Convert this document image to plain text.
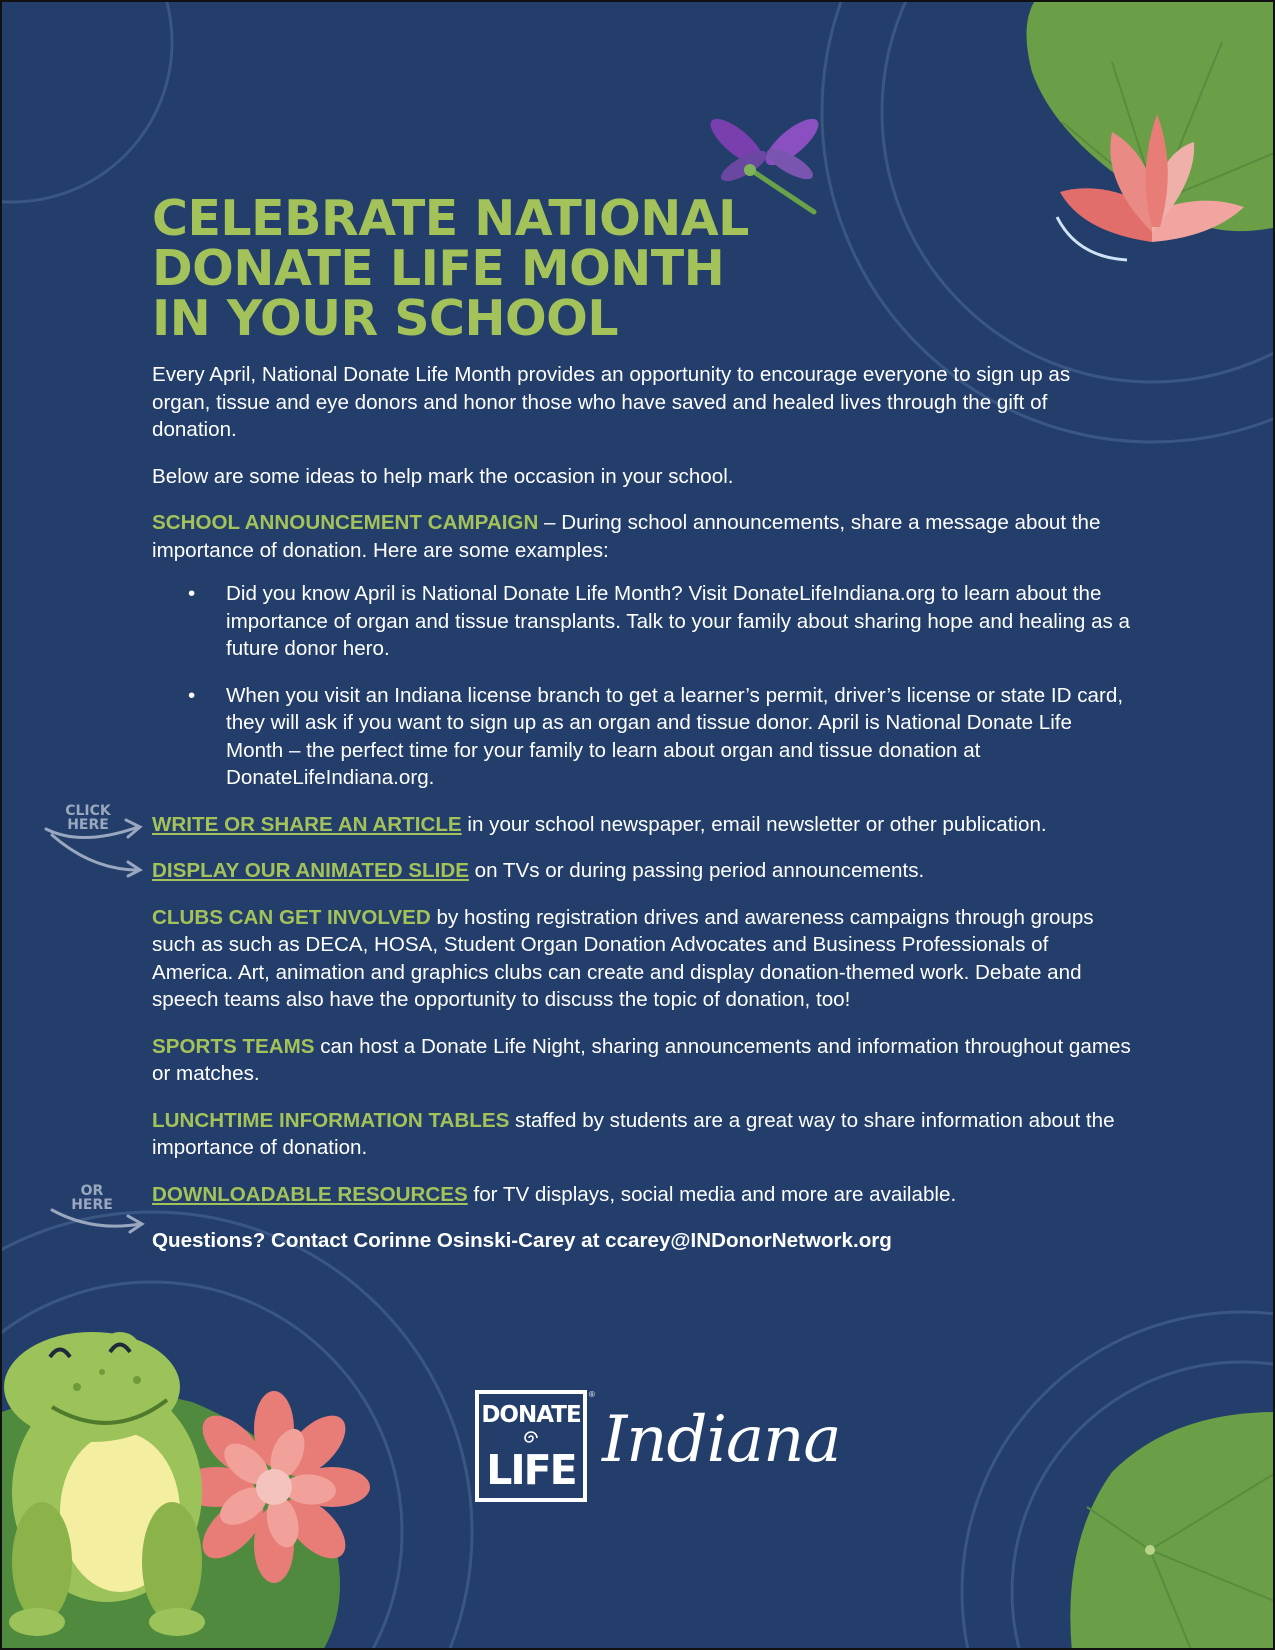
CELEBRATE NATIONAL
DONATE LIFE MONTH
IN YOUR SCHOOL
CLICK
HERE
OR
HERE

Every April, National Donate Life Month provides an opportunity to encourage everyone to sign up as organ, tissue and eye donors and honor those who have saved and healed lives through the gift of donation.

Below are some ideas to help mark the occasion in your school.

SCHOOL ANNOUNCEMENT CAMPAIGN – During school announcements, share a message about the importance of donation. Here are some examples:

• Did you know April is National Donate Life Month? Visit DonateLifeIndiana.org to learn about the importance of organ and tissue transplants. Talk to your family about sharing hope and healing as a future donor hero.
• When you visit an Indiana license branch to get a learner’s permit, driver’s license or state ID card, they will ask if you want to sign up as an organ and tissue donor. April is National Donate Life Month – the perfect time for your family to learn about organ and tissue donation at DonateLifeIndiana.org.

WRITE OR SHARE AN ARTICLE in your school newspaper, email newsletter or other publication.

DISPLAY OUR ANIMATED SLIDE on TVs or during passing period announcements.

CLUBS CAN GET INVOLVED by hosting registration drives and awareness campaigns through groups such as such as DECA, HOSA, Student Organ Donation Advocates and Business Professionals of America. Art, animation and graphics clubs can create and display donation-themed work. Debate and speech teams also have the opportunity to discuss the topic of donation, too!

SPORTS TEAMS can host a Donate Life Night, sharing announcements and information throughout games or matches.

LUNCHTIME INFORMATION TABLES staffed by students are a great way to share information about the importance of donation.

DOWNLOADABLE RESOURCES for TV displays, social media and more are available.

Questions? Contact Corinne Osinski-Carey at ccarey@INDonorNetwork.org

DONATE
LIFE
®
Indiana
